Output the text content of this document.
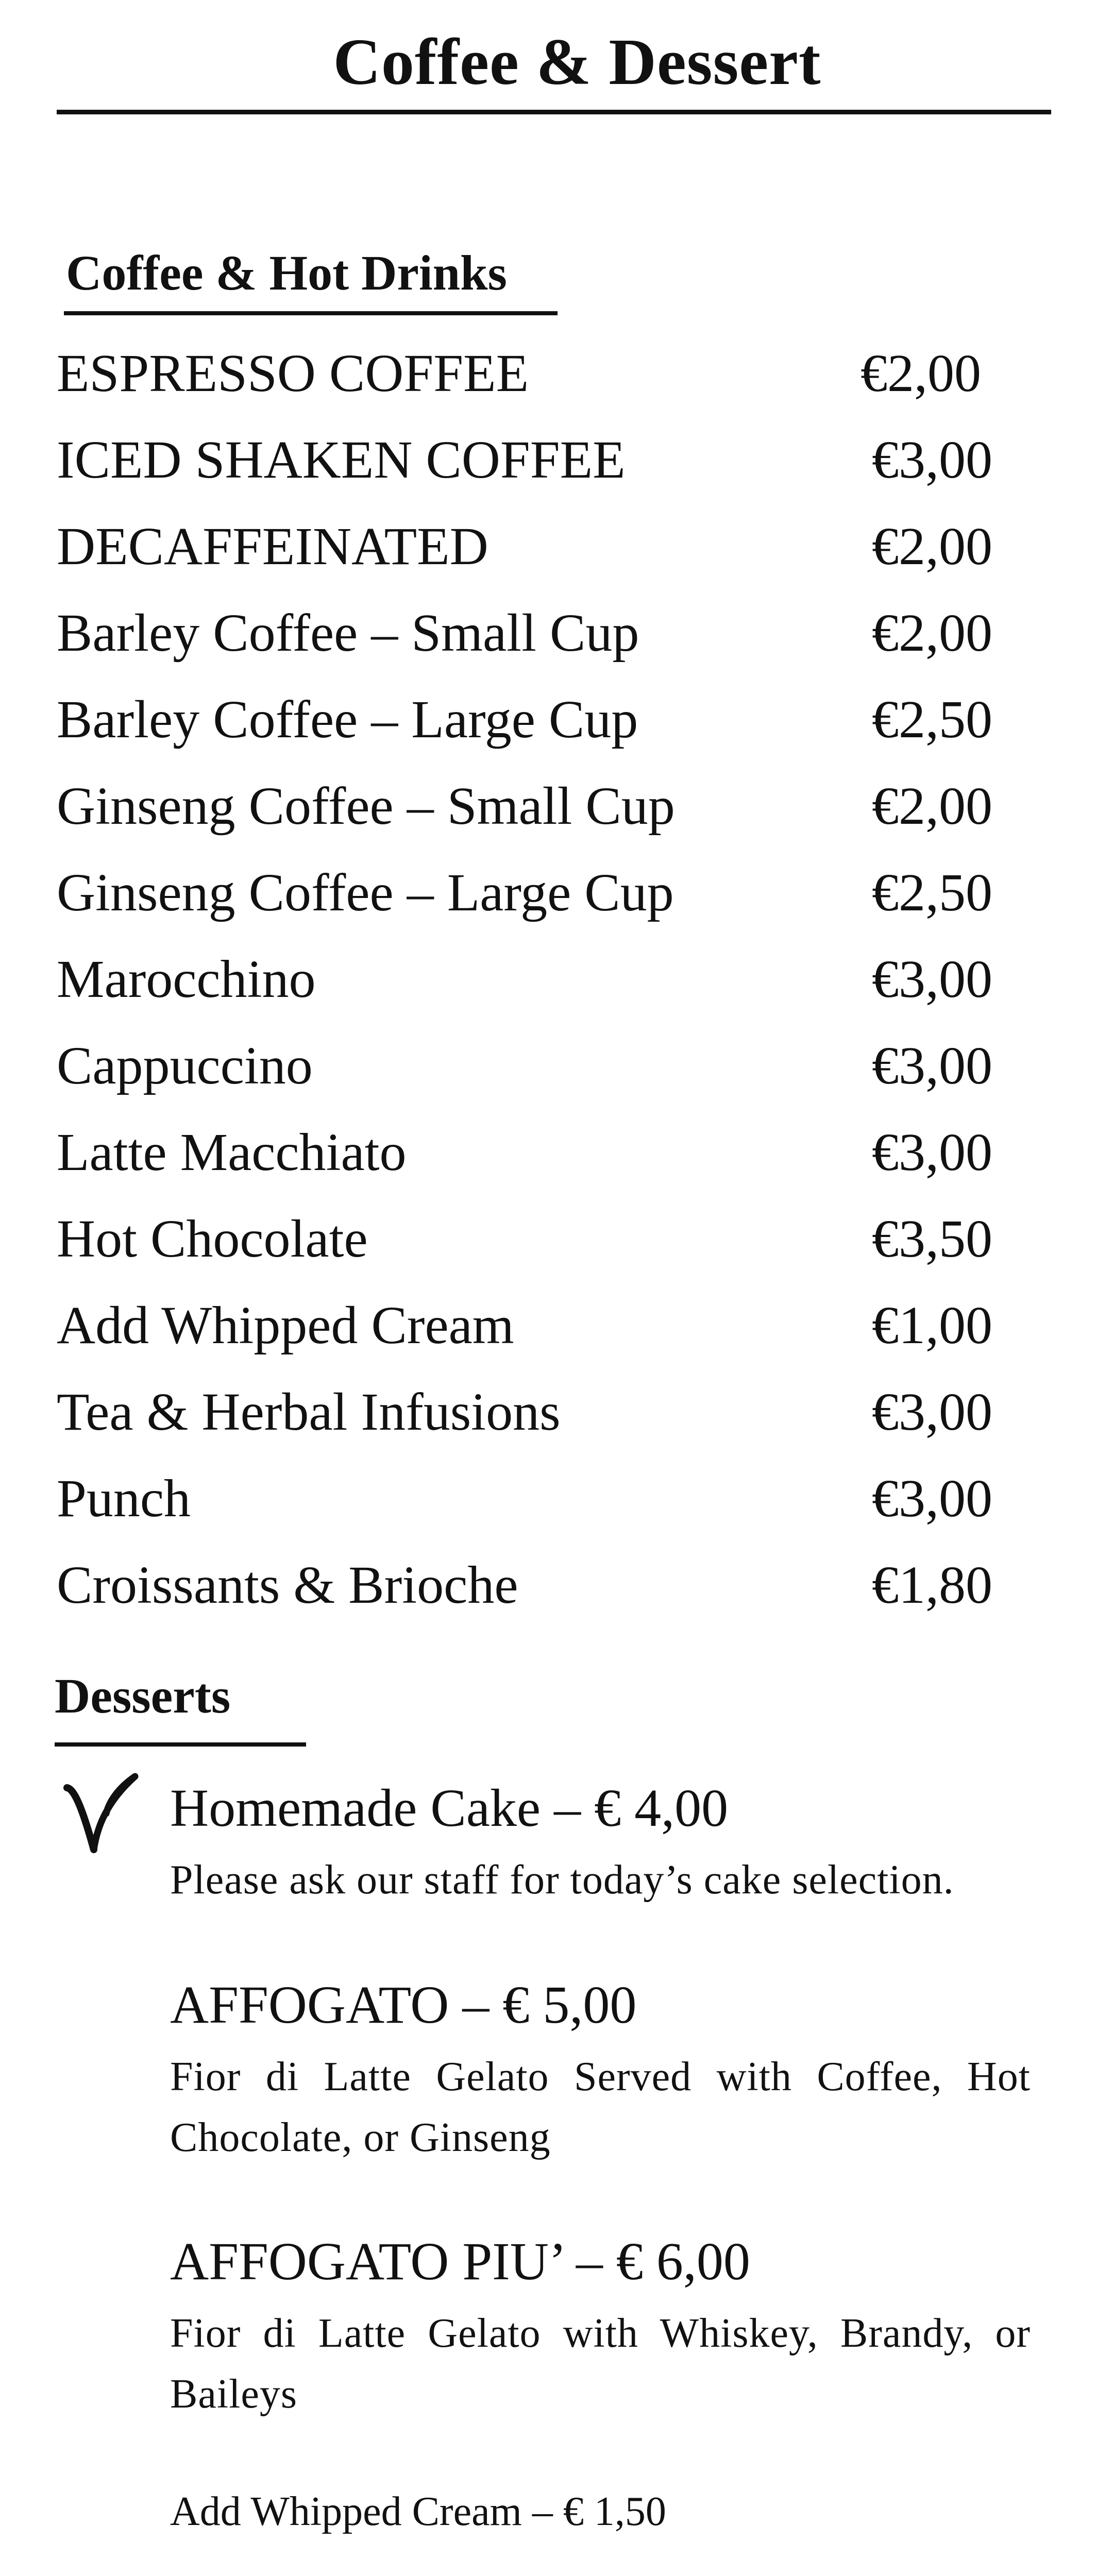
Coffee & Dessert
Coffee & Hot Drinks
ESPRESSO COFFEE	€2,00
ICED SHAKEN COFFEE	€3,00
DECAFFEINATED	€2,00
Barley Coffee – Small Cup	€2,00
Barley Coffee – Large Cup	€2,50
Ginseng Coffee – Small Cup	€2,00
Ginseng Coffee – Large Cup	€2,50
Marocchino	€3,00
Cappuccino	€3,00
Latte Macchiato	€3,00
Hot Chocolate	€3,50
Add Whipped Cream	€1,00
Tea & Herbal Infusions	€3,00
Punch	€3,00
Croissants & Brioche	€1,80
Desserts
Homemade Cake – € 4,00
Please ask our staff for today’s cake selection.
AFFOGATO – € 5,00
Fior di Latte Gelato Served with Coffee, Hot Chocolate, or Ginseng
AFFOGATO PIU’ – € 6,00
Fior di Latte Gelato with Whiskey, Brandy, or Baileys
Add Whipped Cream – € 1,50
